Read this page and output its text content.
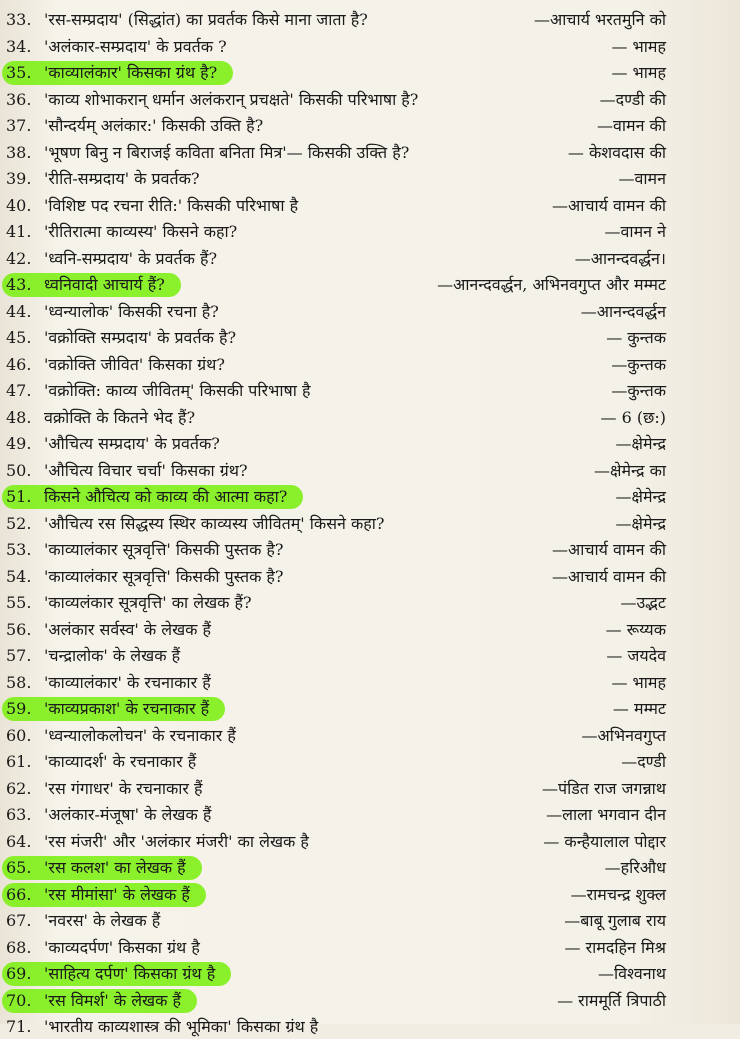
33. 'रस-सम्प्रदाय' (सिद्धांत) का प्रवर्तक किसे माना जाता है?	—आचार्य भरतमुनि को
34. 'अलंकार-सम्प्रदाय' के प्रवर्तक ?	— भामह
35. 'काव्यालंकार' किसका ग्रंथ है?	— भामह
36. 'काव्य शोभाकरान् धर्मान अलंकरान् प्रचक्षते' किसकी परिभाषा है?	—दण्डी की
37. 'सौन्दर्यम् अलंकार:' किसकी उक्ति है?	—वामन की
38. 'भूषण बिनु न बिराजई कविता बनिता मित्र'— किसकी उक्ति है?	— केशवदास की
39. 'रीति-सम्प्रदाय' के प्रवर्तक?	—वामन
40. 'विशिष्ट पद रचना रीति:' किसकी परिभाषा है	—आचार्य वामन की
41. 'रीतिरात्मा काव्यस्य' किसने कहा?	—वामन ने
42. 'ध्वनि-सम्प्रदाय' के प्रवर्तक हैं?	—आनन्दवर्द्धन।
43. ध्वनिवादी आचार्य हैं?	—आनन्दवर्द्धन, अभिनवगुप्त और मम्मट
44. 'ध्वन्यालोक' किसकी रचना है?	—आनन्दवर्द्धन
45. 'वक्रोक्ति सम्प्रदाय' के प्रवर्तक है?	— कुन्तक
46. 'वक्रोक्ति जीवित' किसका ग्रंथ?	—कुन्तक
47. 'वक्रोक्ति: काव्य जीवितम्' किसकी परिभाषा है	—कुन्तक
48. वक्रोक्ति के कितने भेद हैं?	— 6 (छ:)
49. 'औचित्य सम्प्रदाय' के प्रवर्तक?	—क्षेमेन्द्र
50. 'औचित्य विचार चर्चा' किसका ग्रंथ?	—क्षेमेन्द्र का
51. किसने औचित्य को काव्य की आत्मा कहा?	—क्षेमेन्द्र
52. 'औचित्य रस सिद्धस्य स्थिर काव्यस्य जीवितम्' किसने कहा?	—क्षेमेन्द्र
53. 'काव्यालंकार सूत्रवृत्ति' किसकी पुस्तक है?	—आचार्य वामन की
54. 'काव्यालंकार सूत्रवृत्ति' किसकी पुस्तक है?	—आचार्य वामन की
55. 'काव्यलंकार सूत्रवृत्ति' का लेखक हैं?	—उद्भट
56. 'अलंकार सर्वस्व' के लेखक हैं	— रूय्यक
57. 'चन्द्रालोक' के लेखक हैं	— जयदेव
58. 'काव्यालंकार' के रचनाकार हैं	— भामह
59. 'काव्यप्रकाश' के रचनाकार हैं	— मम्मट
60. 'ध्वन्यालोकलोचन' के रचनाकार हैं	—अभिनवगुप्त
61. 'काव्यादर्श' के रचनाकार हैं	—दण्डी
62. 'रस गंगाधर' के रचनाकार हैं	—पंडित राज जगन्नाथ
63. 'अलंकार-मंजूषा' के लेखक हैं	—लाला भगवान दीन
64. 'रस मंजरी' और 'अलंकार मंजरी' का लेखक है	— कन्हैयालाल पोद्दार
65. 'रस कलश' का लेखक हैं	—हरिऔध
66. 'रस मीमांसा' के लेखक हैं	—रामचन्द्र शुक्ल
67. 'नवरस' के लेखक हैं	—बाबू गुलाब राय
68. 'काव्यदर्पण' किसका ग्रंथ है	— रामदहिन मिश्र
69. 'साहित्य दर्पण' किसका ग्रंथ है	—विश्वनाथ
70. 'रस विमर्श' के लेखक हैं	— राममूर्ति त्रिपाठी
71. 'भारतीय काव्यशास्त्र की भूमिका' किसका ग्रंथ है
